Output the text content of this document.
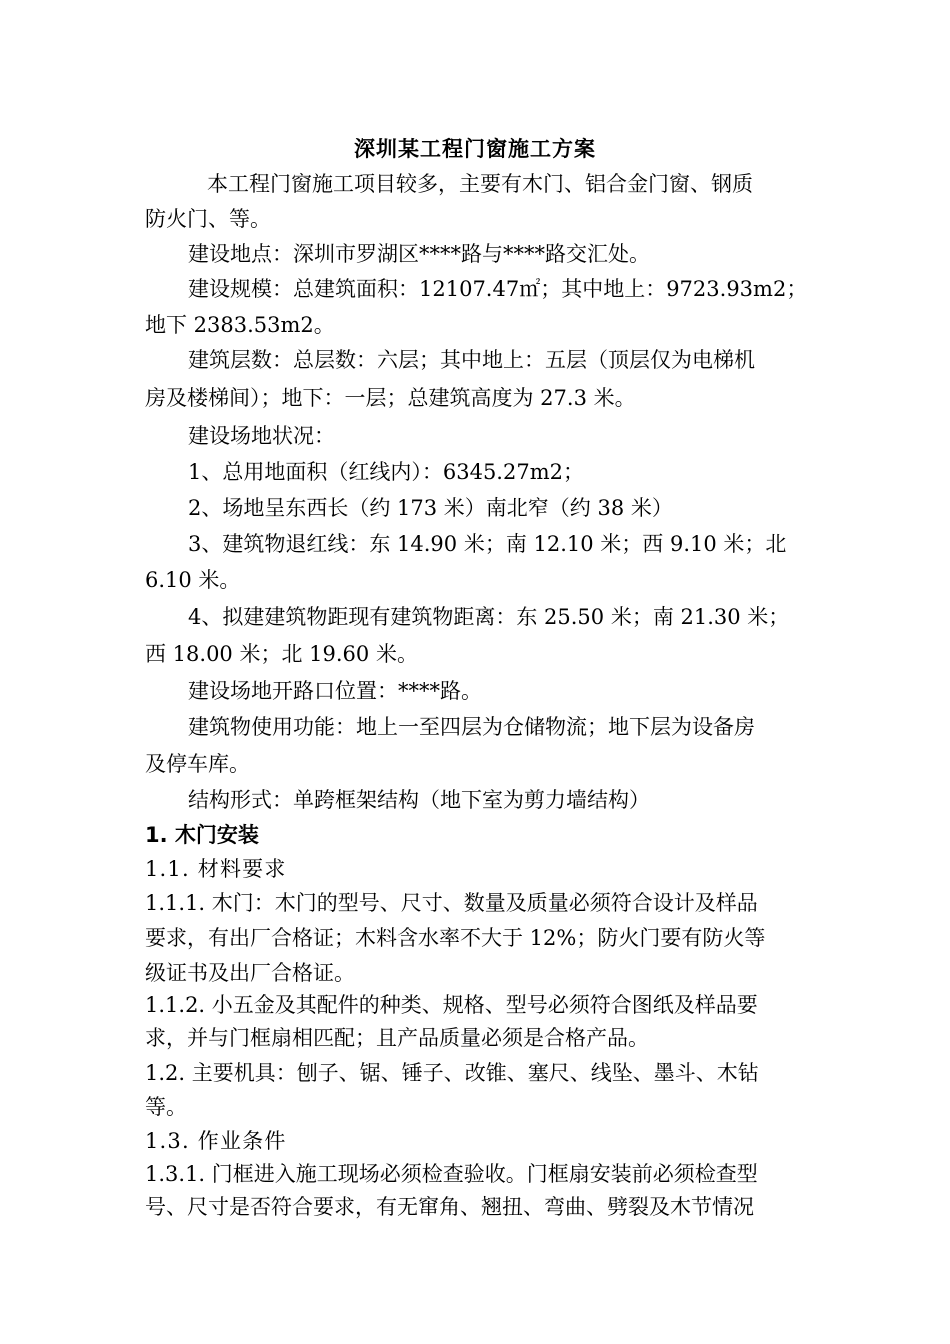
深圳某工程门窗施工方案
本工程门窗施工项目较多，主要有木门、铝合金门窗、钢质
防火门、等。
建设地点：深圳市罗湖区****路与****路交汇处。
建设规模：总建筑面积：12107.47㎡；其中地上：9723.93m2；
地下 2383.53m2。
建筑层数：总层数：六层；其中地上：五层（顶层仅为电梯机
房及楼梯间）；地下：一层；总建筑高度为 27.3 米。
建设场地状况：
1、总用地面积（红线内）：6345.27m2；
2、场地呈东西长（约 173 米）南北窄（约 38 米）
3、建筑物退红线：东 14.90 米；南 12.10 米；西 9.10 米；北
6.10 米。
4、拟建建筑物距现有建筑物距离：东 25.50 米；南 21.30 米；
西 18.00 米；北 19.60 米。
建设场地开路口位置：****路。
建筑物使用功能：地上一至四层为仓储物流；地下层为设备房
及停车库。
结构形式：单跨框架结构（地下室为剪力墙结构）
1. 木门安装
1.1. 材料要求
1.1.1. 木门：木门的型号、尺寸、数量及质量必须符合设计及样品
要求，有出厂合格证；木料含水率不大于 12%；防火门要有防火等
级证书及出厂合格证。
1.1.2. 小五金及其配件的种类、规格、型号必须符合图纸及样品要
求，并与门框扇相匹配；且产品质量必须是合格产品。
1.2. 主要机具：刨子、锯、锤子、改锥、塞尺、线坠、墨斗、木钻
等。
1.3. 作业条件
1.3.1. 门框进入施工现场必须检查验收。门框扇安装前必须检查型
号、尺寸是否符合要求，有无窜角、翘扭、弯曲、劈裂及木节情况
